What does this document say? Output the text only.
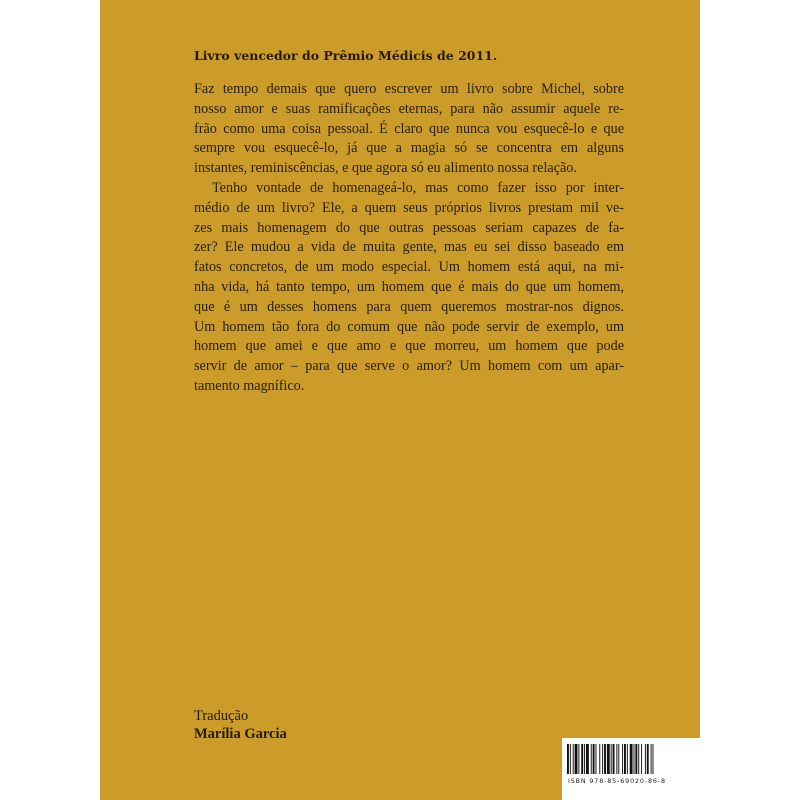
Livro vencedor do Prêmio Médicis de 2011.

Faz tempo demais que quero escrever um livro sobre Michel, sobre
nosso amor e suas ramificações eternas, para não assumir aquele re-
frão como uma coisa pessoal. É claro que nunca vou esquecê-lo e que
sempre vou esquecê-lo, já que a magia só se concentra em alguns
instantes, reminiscências, e que agora só eu alimento nossa relação.
Tenho vontade de homenageá-lo, mas como fazer isso por inter-
médio de um livro? Ele, a quem seus próprios livros prestam mil ve-
zes mais homenagem do que outras pessoas seriam capazes de fa-
zer? Ele mudou a vida de muita gente, mas eu sei disso baseado em
fatos concretos, de um modo especial. Um homem está aqui, na mi-
nha vida, há tanto tempo, um homem que é mais do que um homem,
que é um desses homens para quem queremos mostrar-nos dignos.
Um homem tão fora do comum que não pode servir de exemplo, um
homem que amei e que amo e que morreu, um homem que pode
servir de amor – para que serve o amor? Um homem com um apar-
tamento magnífico.
Tradução
Marília Garcia
ISBN 978-85-69020-86-8
